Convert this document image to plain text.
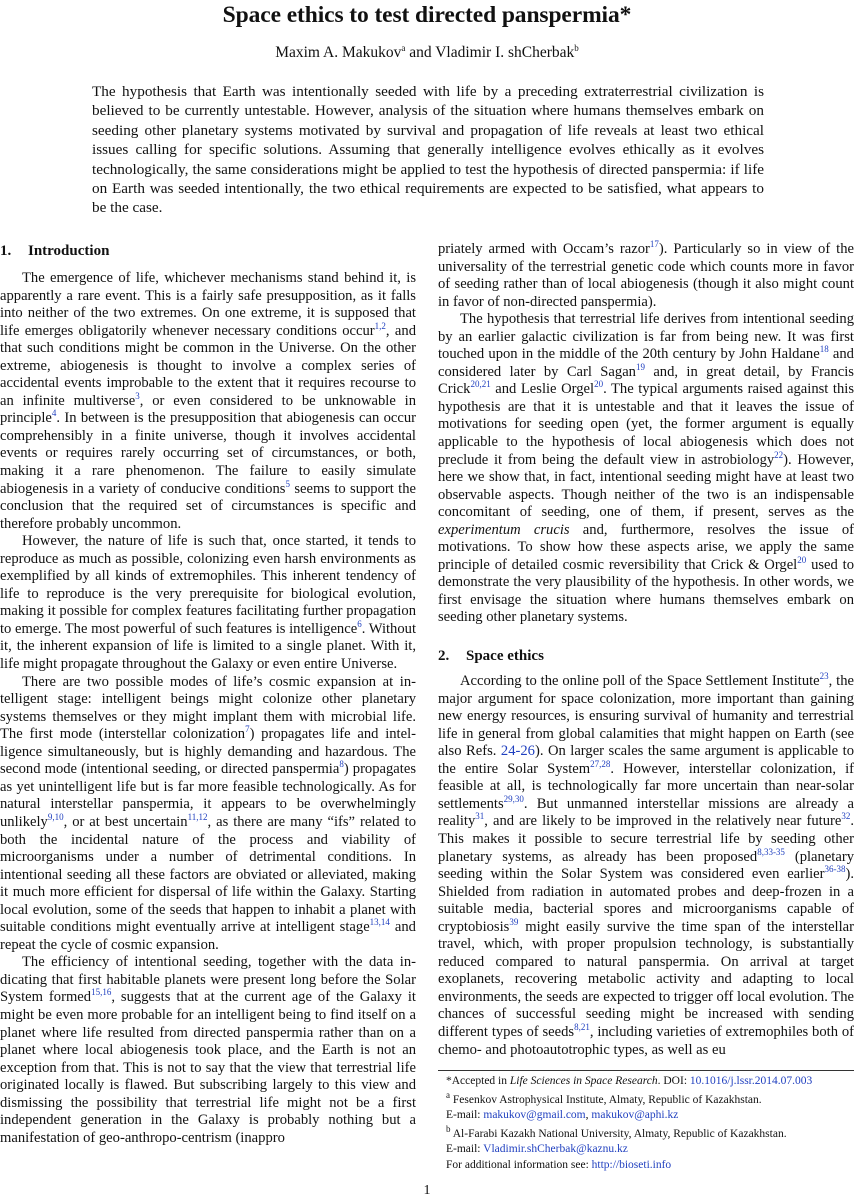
Space ethics to test directed panspermia*
Maxim A. Makukov$^a$ and Vladimir I. shCherbak$^b$

The hypothesis that Earth was intentionally seeded with life by a preceding extraterrestrial civilization is believed to be currently untestable. However, analysis of the situation where humans themselves embark on seeding other planetary systems motivated by survival and propagation of life reveals at least two ethical issues calling for specific solutions. Assuming that generally intelligence evolves ethically as it evolves technologically, the same considerations might be applied to test the hypothesis of directed panspermia: if life on Earth was seeded intentionally, the two ethical requirements are expected to be satisfied, what appears to be the case.

1. Introduction

The emergence of life, whichever mechanisms stand behind it, is apparently a rare event. This is a fairly safe presupposition, as it falls into neither of the two extremes. On one extreme, it is supposed that life emerges obligatorily whenever necessary conditions occur$^{1,2}$, and that such conditions might be common in the Universe. On the other extreme, abiogenesis is thought to involve a complex series of accidental events improbable to the extent that it requires recourse to an infinite multiverse$^3$, or even considered to be unknowable in principle$^4$. In between is the presupposition that abiogenesis can occur comprehensibly in a finite universe, though it involves accidental events or requires rarely occurring set of circumstances, or both, making it a rare phenomenon. The failure to easily simulate abiogenesis in a variety of conducive conditions$^5$ seems to support the conclusion that the required set of circumstances is specific and therefore probably uncommon.

However, the nature of life is such that, once started, it tends to reproduce as much as possible, colonizing even harsh environments as exemplified by all kinds of extremophiles. This inherent tendency of life to reproduce is the very prerequisite for biological evolution, making it possible for complex features facilitating further propagation to emerge. The most powerful of such features is intelligence$^6$. Without it, the inherent expansion of life is limited to a single planet. With it, life might propagate throughout the Galaxy or even entire Universe.

There are two possible modes of life’s cosmic expansion at intelligent stage: intelligent beings might colonize other planetary systems themselves or they might implant them with microbial life. The first mode (interstellar colonization$^7$) propagates life and intelligence simultaneously, but is highly demanding and hazardous. The second mode (intentional seeding, or directed panspermia$^8$) propagates as yet unintelligent life but is far more feasible technologically. As for natural interstellar panspermia, it appears to be overwhelmingly unlikely$^{9,10}$, or at best uncertain$^{11,12}$, as there are many “ifs” related to both the incidental nature of the process and viability of microorganisms under a number of detrimental conditions. In intentional seeding all these factors are obviated or alleviated, making it much more efficient for dispersal of life within the Galaxy. Starting local evolution, some of the seeds that happen to inhabit a planet with suitable conditions might eventually arrive at intelligent stage$^{13,14}$ and repeat the cycle of cosmic expansion.

The efficiency of intentional seeding, together with the data indicating that first habitable planets were present long before the Solar System formed$^{15,16}$, suggests that at the current age of the Galaxy it might be even more probable for an intelligent being to find itself on a planet where life resulted from directed panspermia rather than on a planet where local abiogenesis took place, and the Earth is not an exception from that. This is not to say that the view that terrestrial life originated locally is flawed. But subscribing largely to this view and dismissing the possibility that terrestrial life might not be a first independent generation in the Galaxy is probably nothing but a manifestation of geo-anthropo-centrism (inappro

priately armed with Occam’s razor$^{17}$). Particularly so in view of the universality of the terrestrial genetic code which counts more in favor of seeding rather than of local abiogenesis (though it also might count in favor of non-directed panspermia).

The hypothesis that terrestrial life derives from intentional seeding by an earlier galactic civilization is far from being new. It was first touched upon in the middle of the 20th century by John Haldane$^{18}$ and considered later by Carl Sagan$^{19}$ and, in great detail, by Francis Crick$^{20,21}$ and Leslie Orgel$^{20}$. The typical arguments raised against this hypothesis are that it is untestable and that it leaves the issue of motivations for seeding open (yet, the former argument is equally applicable to the hypothesis of local abiogenesis which does not preclude it from being the default view in astrobiology$^{22}$). However, here we show that, in fact, intentional seeding might have at least two observable aspects. Though neither of the two is an indispensable concomitant of seeding, one of them, if present, serves as the experimentum crucis and, furthermore, resolves the issue of motivations. To show how these aspects arise, we apply the same principle of detailed cosmic reversibility that Crick & Orgel$^{20}$ used to demonstrate the very plausibility of the hypothesis. In other words, we first envisage the situation where humans themselves embark on seeding other planetary systems.

2. Space ethics

According to the online poll of the Space Settlement Institute$^{23}$, the major argument for space colonization, more important than gaining new energy resources, is ensuring survival of humanity and terrestrial life in general from global calamities that might happen on Earth (see also Refs. 24-26). On larger scales the same argument is applicable to the entire Solar System$^{27,28}$. However, interstellar colonization, if feasible at all, is technologically far more uncertain than near-solar settlements$^{29,30}$. But unmanned interstellar missions are already a reality$^{31}$, and are likely to be improved in the relatively near future$^{32}$. This makes it possible to secure terrestrial life by seeding other planetary systems, as already has been proposed$^{8,33-35}$ (planetary seeding within the Solar System was considered even earlier$^{36-38}$). Shielded from radiation in automated probes and deep-frozen in a suitable media, bacterial spores and microorganisms capable of cryptobiosis$^{39}$ might easily survive the time span of the interstellar travel, which, with proper propulsion technology, is substantially reduced compared to natural panspermia. On arrival at target exoplanets, recovering metabolic activity and adapting to local environments, the seeds are expected to trigger off local evolution. The chances of successful seeding might be increased with sending different types of seeds$^{8,21}$, including varieties of extremophiles both of chemo- and photoautotrophic types, as well as eu

*Accepted in Life Sciences in Space Research. DOI: 10.1016/j.lssr.2014.07.003
$^a$ Fesenkov Astrophysical Institute, Almaty, Republic of Kazakhstan.
E-mail: makukov@gmail.com, makukov@aphi.kz
$^b$ Al-Farabi Kazakh National University, Almaty, Republic of Kazakhstan.
E-mail: Vladimir.shCherbak@kaznu.kz
For additional information see: http://bioseti.info
1
